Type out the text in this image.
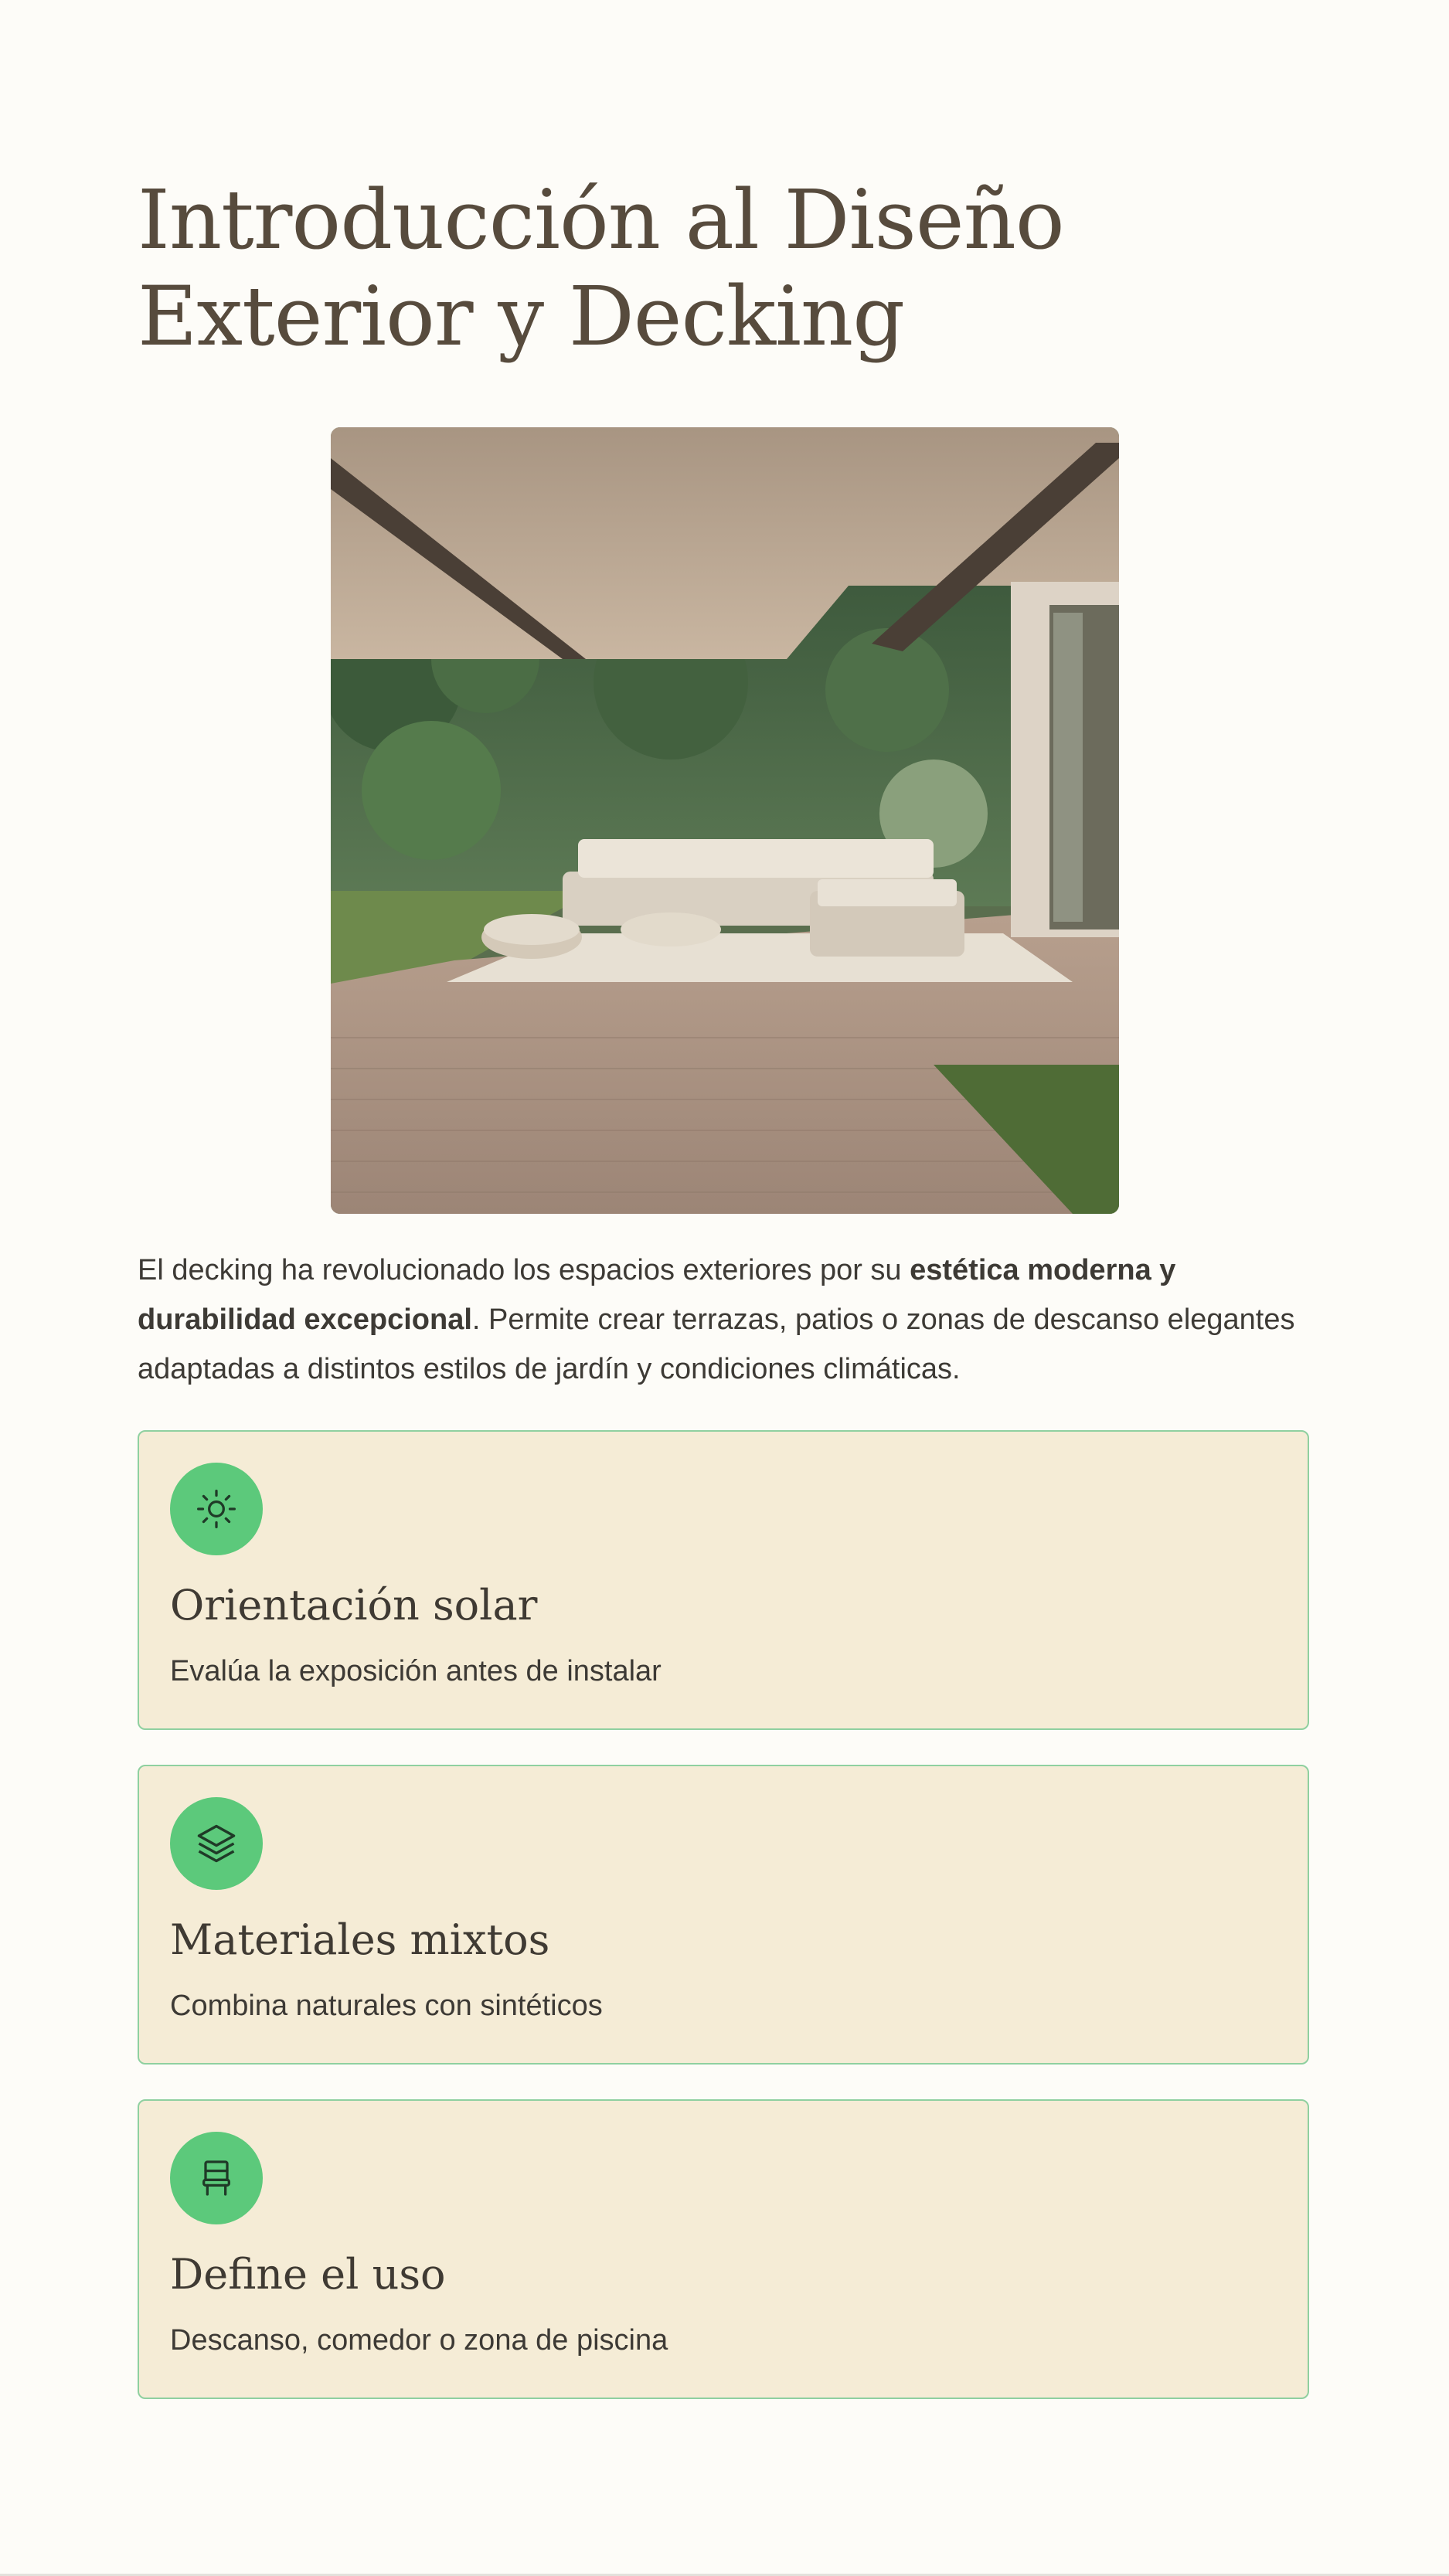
Introducción al Diseño
Exterior y Decking

El decking ha revolucionado los espacios exteriores por su estética moderna y durabilidad excepcional. Permite crear terrazas, patios o zonas de descanso elegantes adaptadas a distintos estilos de jardín y condiciones climáticas.

Orientación solar

Evalúa la exposición antes de instalar

Materiales mixtos

Combina naturales con sintéticos

Define el uso

Descanso, comedor o zona de piscina
